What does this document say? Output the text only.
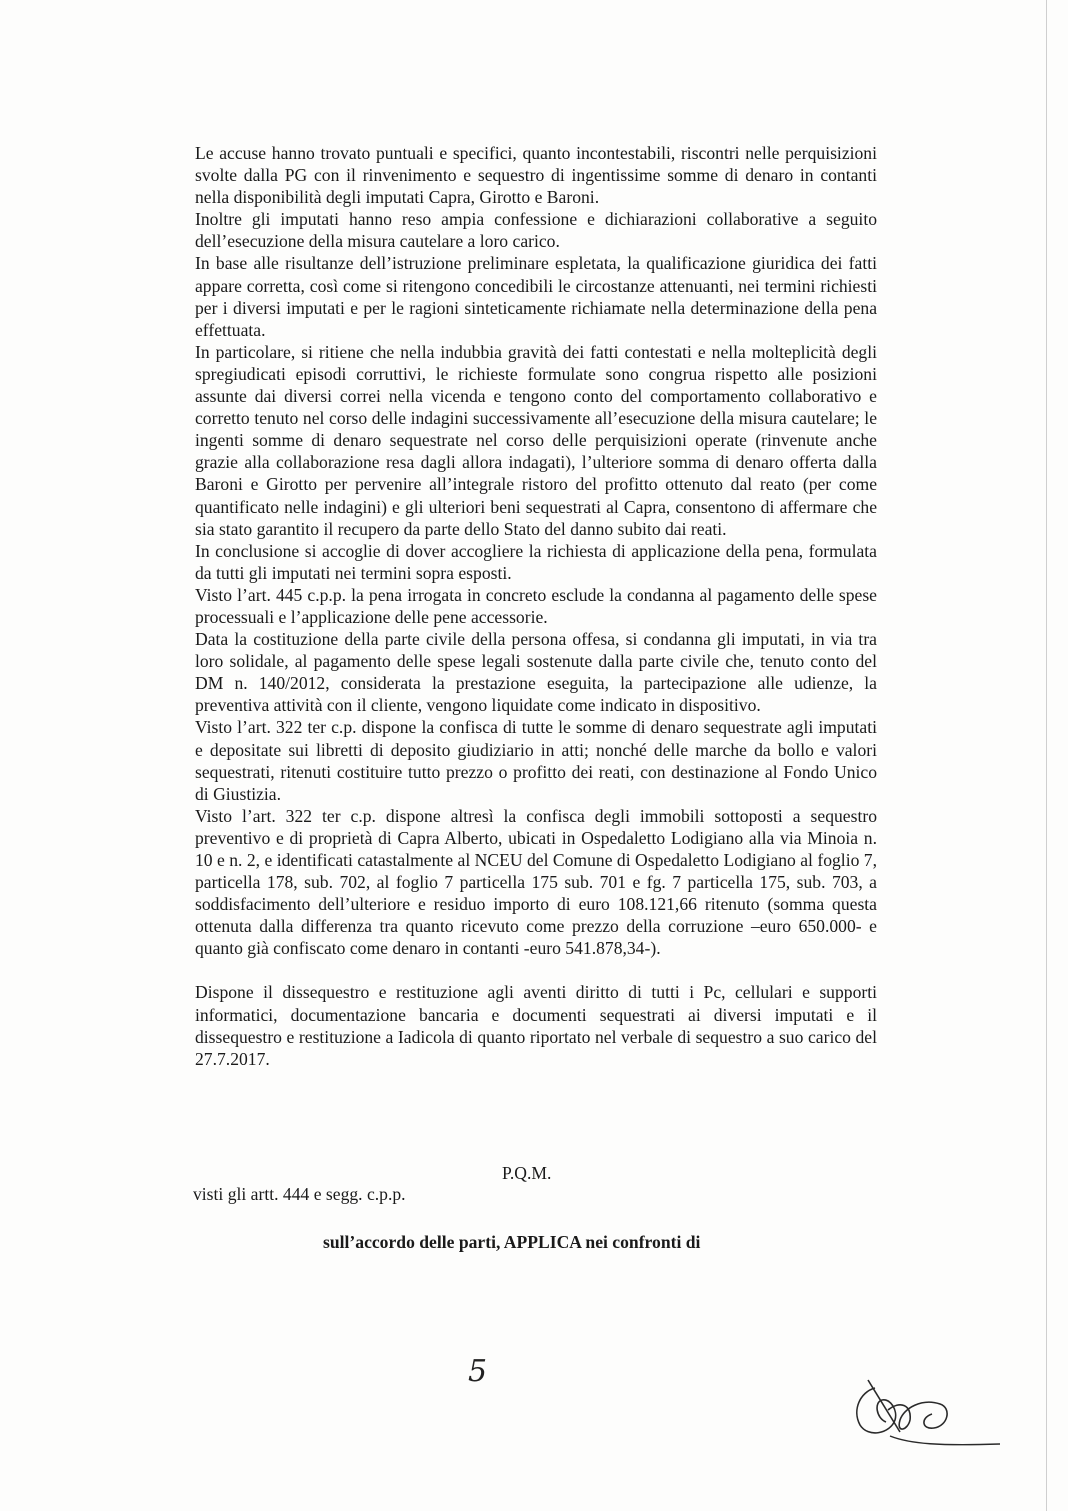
Le accuse hanno trovato puntuali e specifici, quanto incontestabili, riscontri nelle perquisizioni svolte dalla PG con il rinvenimento e sequestro di ingentissime somme di denaro in contanti nella disponibilità degli imputati Capra, Girotto e Baroni.

Inoltre gli imputati hanno reso ampia confessione e dichiarazioni collaborative a seguito dell’esecuzione della misura cautelare a loro carico.

In base alle risultanze dell’istruzione preliminare espletata, la qualificazione giuridica dei fatti appare corretta, così come si ritengono concedibili le circostanze attenuanti, nei termini richiesti per i diversi imputati e per le ragioni sinteticamente richiamate nella determinazione della pena effettuata.

In particolare, si ritiene che nella indubbia gravità dei fatti contestati e nella molteplicità degli spregiudicati episodi corruttivi, le richieste formulate sono congrua rispetto alle posizioni assunte dai diversi correi nella vicenda e tengono conto del comportamento collaborativo e corretto tenuto nel corso delle indagini successivamente all’esecuzione della misura cautelare; le ingenti somme di denaro sequestrate nel corso delle perquisizioni operate (rinvenute anche grazie alla collaborazione resa dagli allora indagati), l’ulteriore somma di denaro offerta dalla Baroni e Girotto per pervenire all’integrale ristoro del profitto ottenuto dal reato (per come quantificato nelle indagini) e gli ulteriori beni sequestrati al Capra, consentono di affermare che sia stato garantito il recupero da parte dello Stato del danno subito dai reati.

In conclusione si accoglie di dover accogliere la richiesta di applicazione della pena, formulata da tutti gli imputati nei termini sopra esposti.

Visto l’art. 445 c.p.p. la pena irrogata in concreto esclude la condanna al pagamento delle spese processuali e l’applicazione delle pene accessorie.

Data la costituzione della parte civile della persona offesa, si condanna gli imputati, in via tra loro solidale, al pagamento delle spese legali sostenute dalla parte civile che, tenuto conto del DM n. 140/2012, considerata la prestazione eseguita, la partecipazione alle udienze, la preventiva attività con il cliente, vengono liquidate come indicato in dispositivo.

Visto l’art. 322 ter c.p. dispone la confisca di tutte le somme di denaro sequestrate agli imputati e depositate sui libretti di deposito giudiziario in atti; nonché delle marche da bollo e valori sequestrati, ritenuti costituire tutto prezzo o profitto dei reati, con destinazione al Fondo Unico di Giustizia.

Visto l’art. 322 ter c.p. dispone altresì la confisca degli immobili sottoposti a sequestro preventivo e di proprietà di Capra Alberto, ubicati in Ospedaletto Lodigiano alla via Minoia n. 10 e n. 2, e identificati catastalmente al NCEU del Comune di Ospedaletto Lodigiano al foglio 7, particella 178, sub. 702, al foglio 7 particella 175 sub. 701 e fg. 7 particella 175, sub. 703, a soddisfacimento dell’ulteriore e residuo importo di euro 108.121,66 ritenuto (somma questa ottenuta dalla differenza tra quanto ricevuto come prezzo della corruzione –euro 650.000- e quanto già confiscato come denaro in contanti -euro 541.878,34-).

Dispone il dissequestro e restituzione agli aventi diritto di tutti i Pc, cellulari e supporti informatici, documentazione bancaria e documenti sequestrati ai diversi imputati e il dissequestro e restituzione a Iadicola di quanto riportato nel verbale di sequestro a suo carico del 27.7.2017.

P.Q.M.
visti gli artt. 444 e segg. c.p.p.
sull’accordo delle parti, APPLICA nei confronti di
5
